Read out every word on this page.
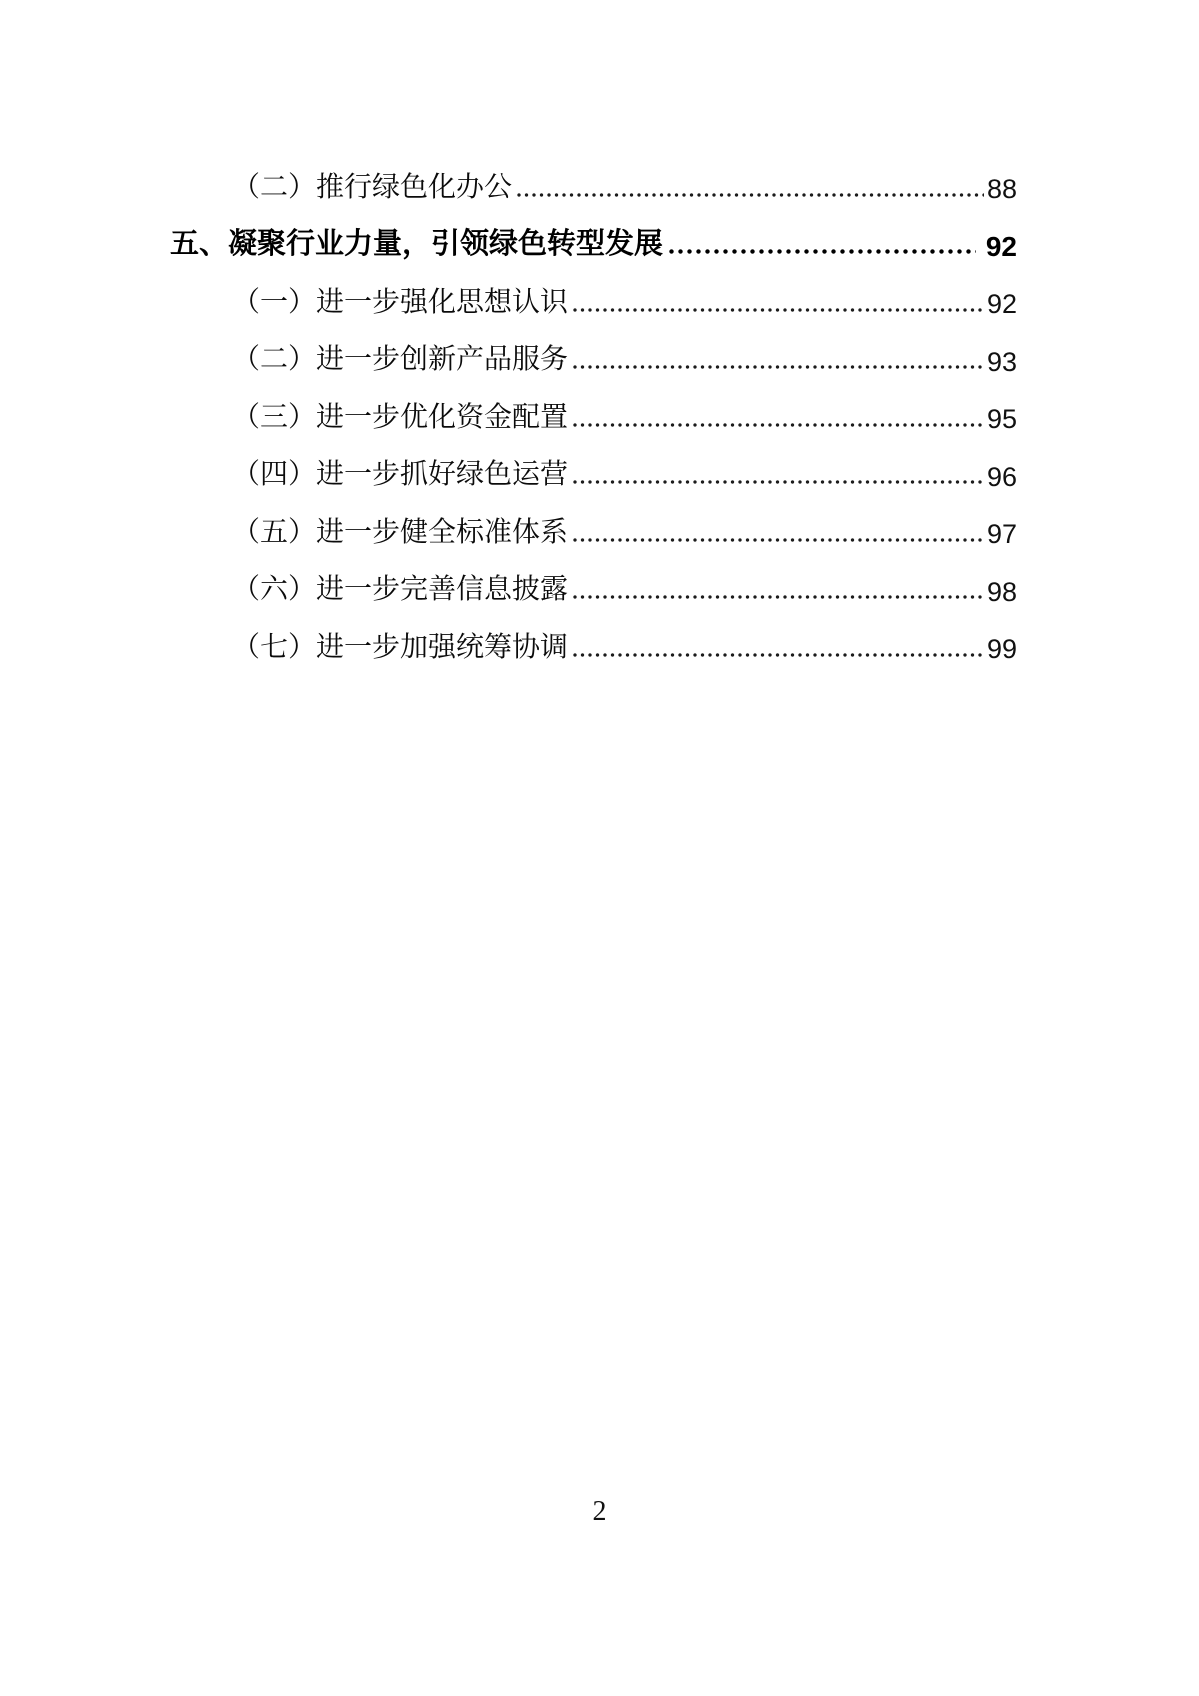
（二）推行绿色化办公	88
五、凝聚行业力量，引领绿色转型发展	92
（一）进一步强化思想认识	92
（二）进一步创新产品服务	93
（三）进一步优化资金配置	95
（四）进一步抓好绿色运营	96
（五）进一步健全标准体系	97
（六）进一步完善信息披露	98
（七）进一步加强统筹协调	99
2
